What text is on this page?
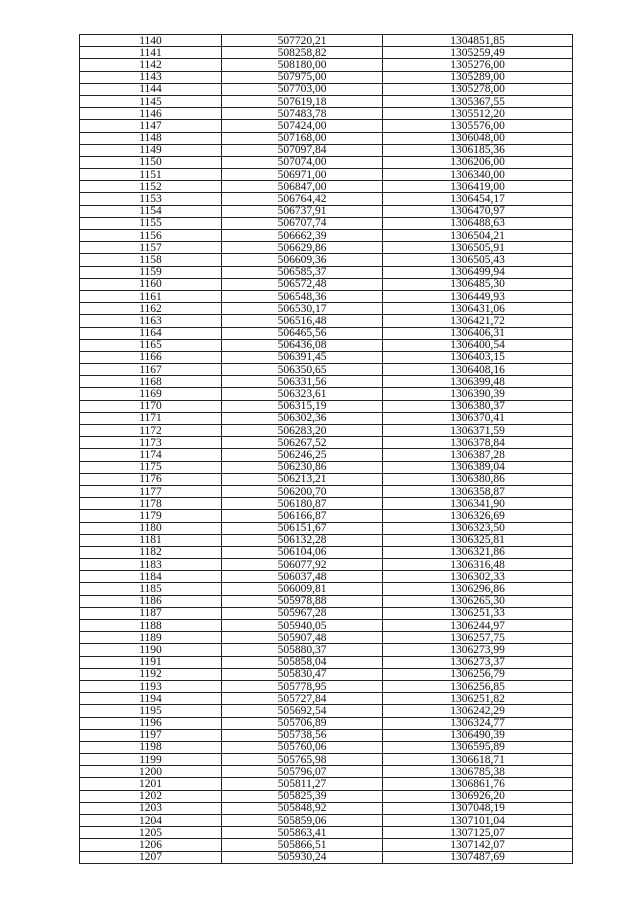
1140	507720,21	1304851,85
1141	508258,82	1305259,49
1142	508180,00	1305276,00
1143	507975,00	1305289,00
1144	507703,00	1305278,00
1145	507619,18	1305367,55
1146	507483,78	1305512,20
1147	507424,00	1305576,00
1148	507168,00	1306048,00
1149	507097,84	1306185,36
1150	507074,00	1306206,00
1151	506971,00	1306340,00
1152	506847,00	1306419,00
1153	506764,42	1306454,17
1154	506737,91	1306470,97
1155	506707,74	1306488,63
1156	506662,39	1306504,21
1157	506629,86	1306505,91
1158	506609,36	1306505,43
1159	506585,37	1306499,94
1160	506572,48	1306485,30
1161	506548,36	1306449,93
1162	506530,17	1306431,06
1163	506516,48	1306421,72
1164	506465,56	1306406,31
1165	506436,08	1306400,54
1166	506391,45	1306403,15
1167	506350,65	1306408,16
1168	506331,56	1306399,48
1169	506323,61	1306390,39
1170	506315,19	1306380,37
1171	506302,36	1306370,41
1172	506283,20	1306371,59
1173	506267,52	1306378,84
1174	506246,25	1306387,28
1175	506230,86	1306389,04
1176	506213,21	1306380,86
1177	506200,70	1306358,87
1178	506180,87	1306341,90
1179	506166,87	1306326,69
1180	506151,67	1306323,50
1181	506132,28	1306325,81
1182	506104,06	1306321,86
1183	506077,92	1306316,48
1184	506037,48	1306302,33
1185	506009,81	1306296,86
1186	505978,88	1306265,30
1187	505967,28	1306251,33
1188	505940,05	1306244,97
1189	505907,48	1306257,75
1190	505880,37	1306273,99
1191	505858,04	1306273,37
1192	505830,47	1306256,79
1193	505778,95	1306256,85
1194	505727,84	1306251,82
1195	505692,54	1306242,29
1196	505706,89	1306324,77
1197	505738,56	1306490,39
1198	505760,06	1306595,89
1199	505765,98	1306618,71
1200	505796,07	1306785,38
1201	505811,27	1306861,76
1202	505825,39	1306926,20
1203	505848,92	1307048,19
1204	505859,06	1307101,04
1205	505863,41	1307125,07
1206	505866,51	1307142,07
1207	505930,24	1307487,69
